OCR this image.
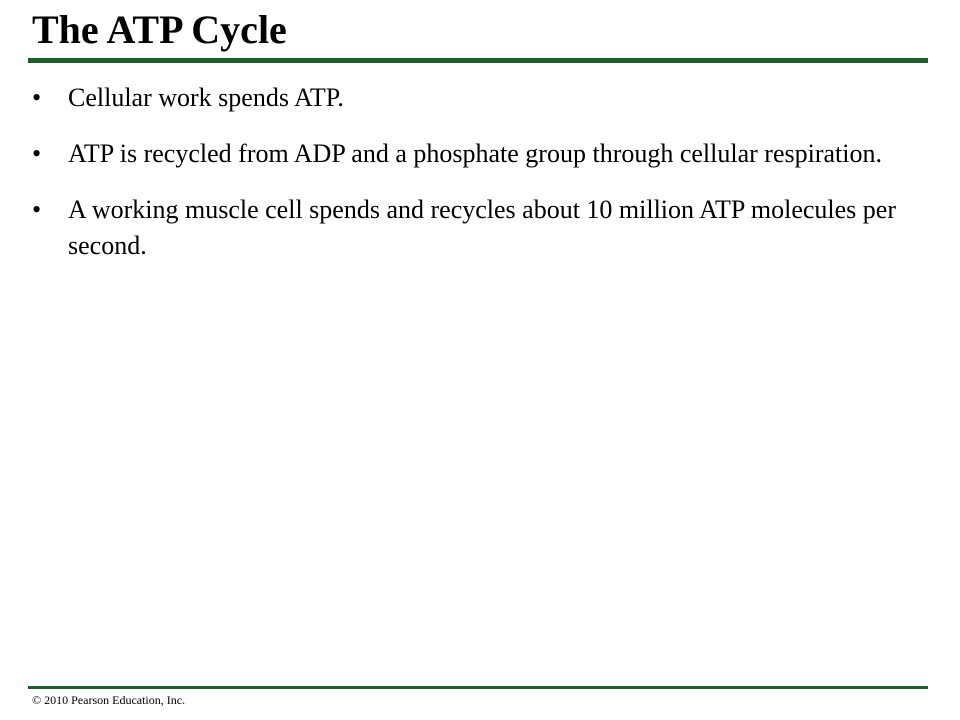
The ATP Cycle
•	Cellular work spends ATP.
•	ATP is recycled from ADP and a phosphate group through cellular respiration.
•	A working muscle cell spends and recycles about 10 million ATP molecules per second.
© 2010 Pearson Education, Inc.
